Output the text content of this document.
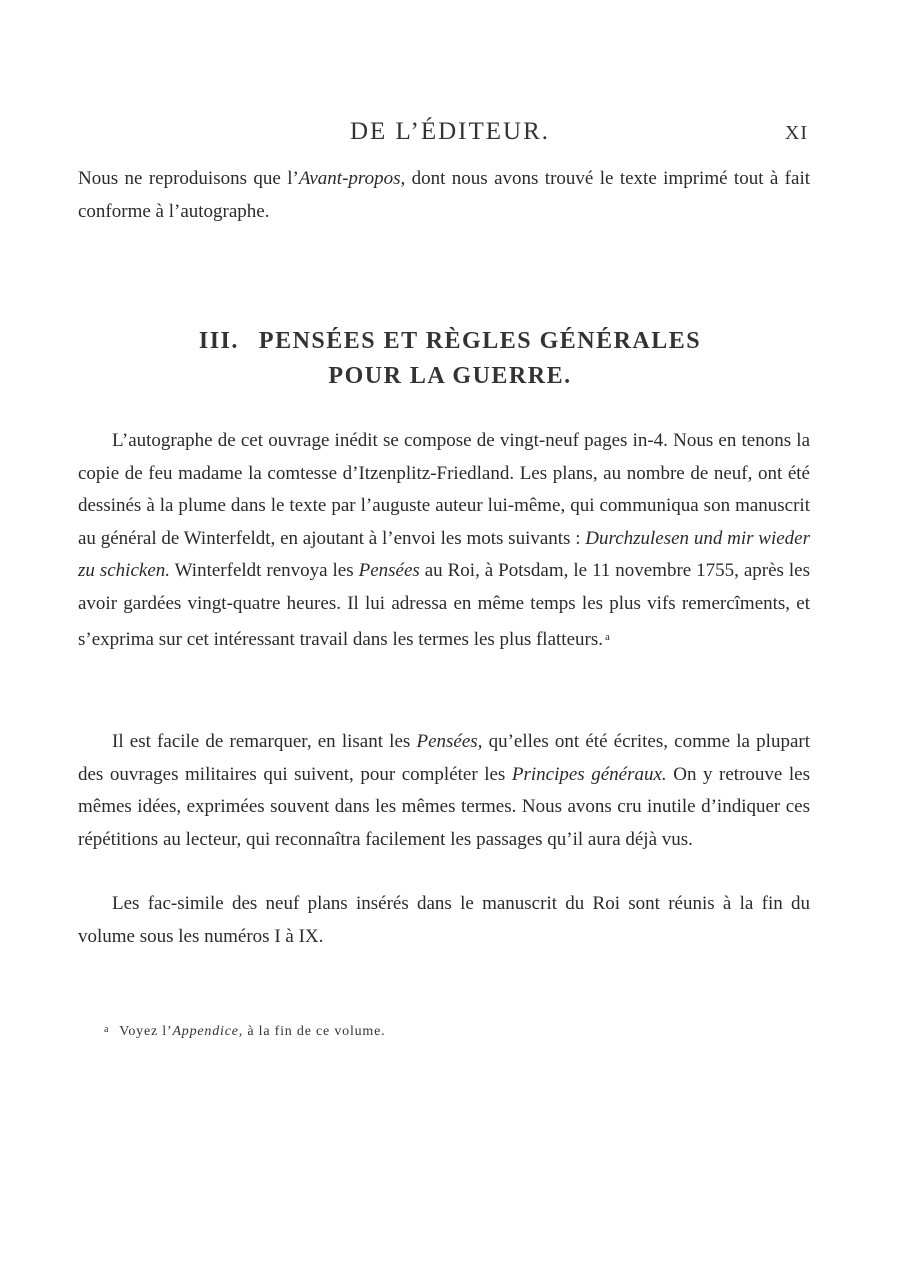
DE L’ÉDITEUR.	XI

Nous ne reproduisons que l’Avant-propos, dont nous avons trouvé le texte imprimé tout à fait conforme à l’autographe.

III. PENSÉES ET RÈGLES GÉNÉRALES
POUR LA GUERRE.

L’autographe de cet ouvrage inédit se compose de vingt-neuf pages in-4. Nous en tenons la copie de feu madame la comtesse d’Itzenplitz-Friedland. Les plans, au nombre de neuf, ont été dessinés à la plume dans le texte par l’auguste auteur lui-même, qui communiqua son manuscrit au général de Winterfeldt, en ajoutant à l’envoi les mots suivants : Durchzulesen und mir wieder zu schicken. Winterfeldt renvoya les Pensées au Roi, à Potsdam, le 11 novembre 1755, après les avoir gardées vingt-quatre heures. Il lui adressa en même temps les plus vifs remercîments, et s’exprima sur cet intéressant travail dans les termes les plus flatteurs. $^a$

Il est facile de remarquer, en lisant les Pensées, qu’elles ont été écrites, comme la plupart des ouvrages militaires qui suivent, pour compléter les Principes généraux. On y retrouve les mêmes idées, exprimées souvent dans les mêmes termes. Nous avons cru inutile d’indiquer ces répétitions au lecteur, qui reconnaîtra facilement les passages qu’il aura déjà vus.

Les fac-simile des neuf plans insérés dans le manuscrit du Roi sont réunis à la fin du volume sous les numéros I à IX.

$^a$ Voyez l’Appendice, à la fin de ce volume.
